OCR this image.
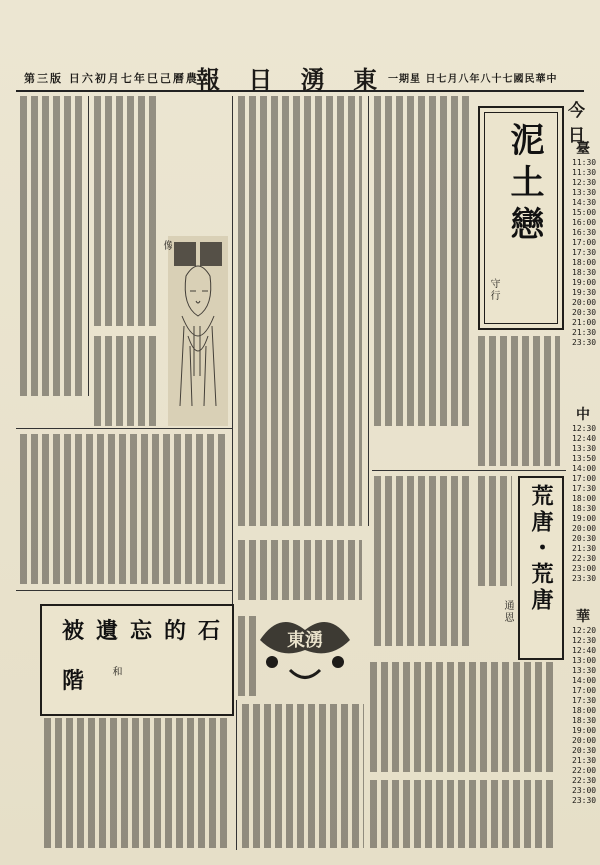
第三版 日六初月七年巳己曆農
報 日 湧 東 一期星 日七月八年八十七國民華中
像	泥土戀
守行
今日
臺
11:30
11:30
12:30
13:30
14:30
15:00
16:00
16:30
17:00
17:30
18:00
18:30
19:00
19:30
20:00
20:30
21:00
21:30
23:30
中
12:30
12:40
13:30
13:50
14:00
17:00
17:30
18:00
18:30
19:00
20:00
20:30
21:30
22:30
23:00
23:30
華
12:20
12:30
12:40
13:00
13:30
14:00
17:00
17:30
18:00
18:30
19:00
20:00
20:30
21:30
22:00
22:30
23:00
23:30
荒唐・荒唐
通恩
東湧
被遺忘的石
階	和
